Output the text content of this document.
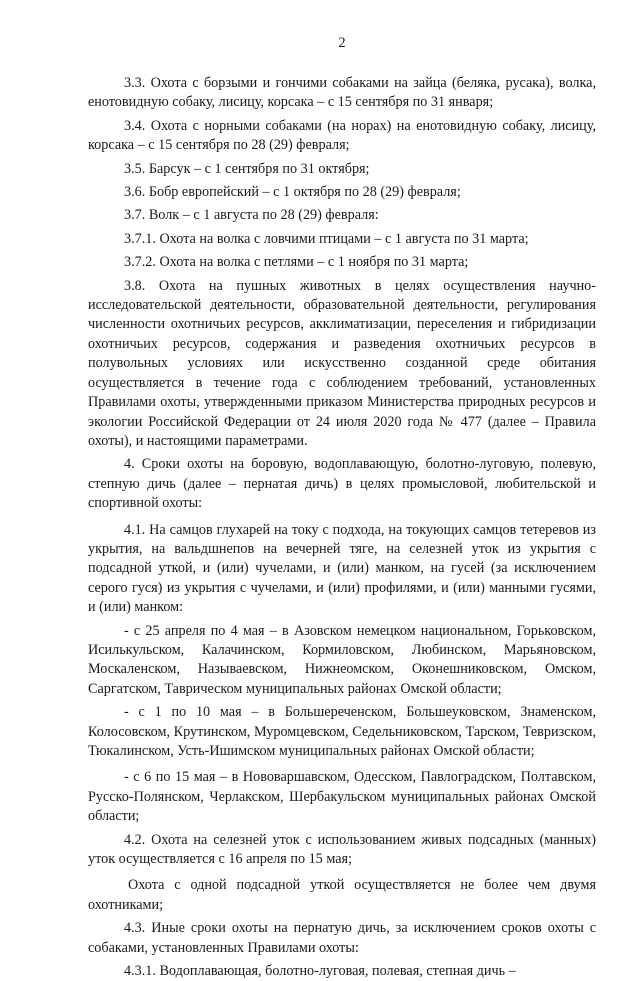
2

3.3. Охота с борзыми и гончими собаками на зайца (беляка, русака), волка, енотовидную собаку, лисицу, корсака – с 15 сентября по 31 января;

3.4. Охота с норными собаками (на норах) на енотовидную собаку, лисицу, корсака – с 15 сентября по 28 (29) февраля;

3.5. Барсук – с 1 сентября по 31 октября;

3.6. Бобр европейский – с 1 октября по 28 (29) февраля;

3.7. Волк – с 1 августа по 28 (29) февраля:

3.7.1. Охота на волка с ловчими птицами – с 1 августа по 31 марта;

3.7.2. Охота на волка с петлями – с 1 ноября по 31 марта;

3.8. Охота на пушных животных в целях осуществления научно-исследовательской деятельности, образовательной деятельности, регулирования численности охотничьих ресурсов, акклиматизации, переселения и гибридизации охотничьих ресурсов, содержания и разведения охотничьих ресурсов в полувольных условиях или искусственно созданной среде обитания осуществляется в течение года с соблюдением требований, установленных Правилами охоты, утвержденными приказом Министерства природных ресурсов и экологии Российской Федерации от 24 июля 2020 года № 477 (далее – Правила охоты), и настоящими параметрами.

4. Сроки охоты на боровую, водоплавающую, болотно-луговую, полевую, степную дичь (далее – пернатая дичь) в целях промысловой, любительской и спортивной охоты:

4.1. На самцов глухарей на току с подхода, на токующих самцов тетеревов из укрытия, на вальдшнепов на вечерней тяге, на селезней уток из укрытия с подсадной уткой, и (или) чучелами, и (или) манком, на гусей (за исключением серого гуся) из укрытия с чучелами, и (или) профилями, и (или) манными гусями, и (или) манком:

- с 25 апреля по 4 мая – в Азовском немецком национальном, Горьковском, Исилькульском, Калачинском, Кормиловском, Любинском, Марьяновском, Москаленском, Называевском, Нижнеомском, Оконешниковском, Омском, Саргатском, Таврическом муниципальных районах Омской области;

- с 1 по 10 мая – в Большереченском, Большеуковском, Знаменском, Колосовском, Крутинском, Муромцевском, Седельниковском, Тарском, Тевризском, Тюкалинском, Усть-Ишимском муниципальных районах Омской области;

- с 6 по 15 мая – в Нововаршавском, Одесском, Павлоградском, Полтавском, Русско-Полянском, Черлакском, Шербакульском муниципальных районах Омской области;

4.2. Охота на селезней уток с использованием живых подсадных (манных) уток осуществляется с 16 апреля по 15 мая;

Охота с одной подсадной уткой осуществляется не более чем двумя охотниками;

4.3. Иные сроки охоты на пернатую дичь, за исключением сроков охоты с собаками, установленных Правилами охоты:

4.3.1. Водоплавающая, болотно-луговая, полевая, степная дичь –
